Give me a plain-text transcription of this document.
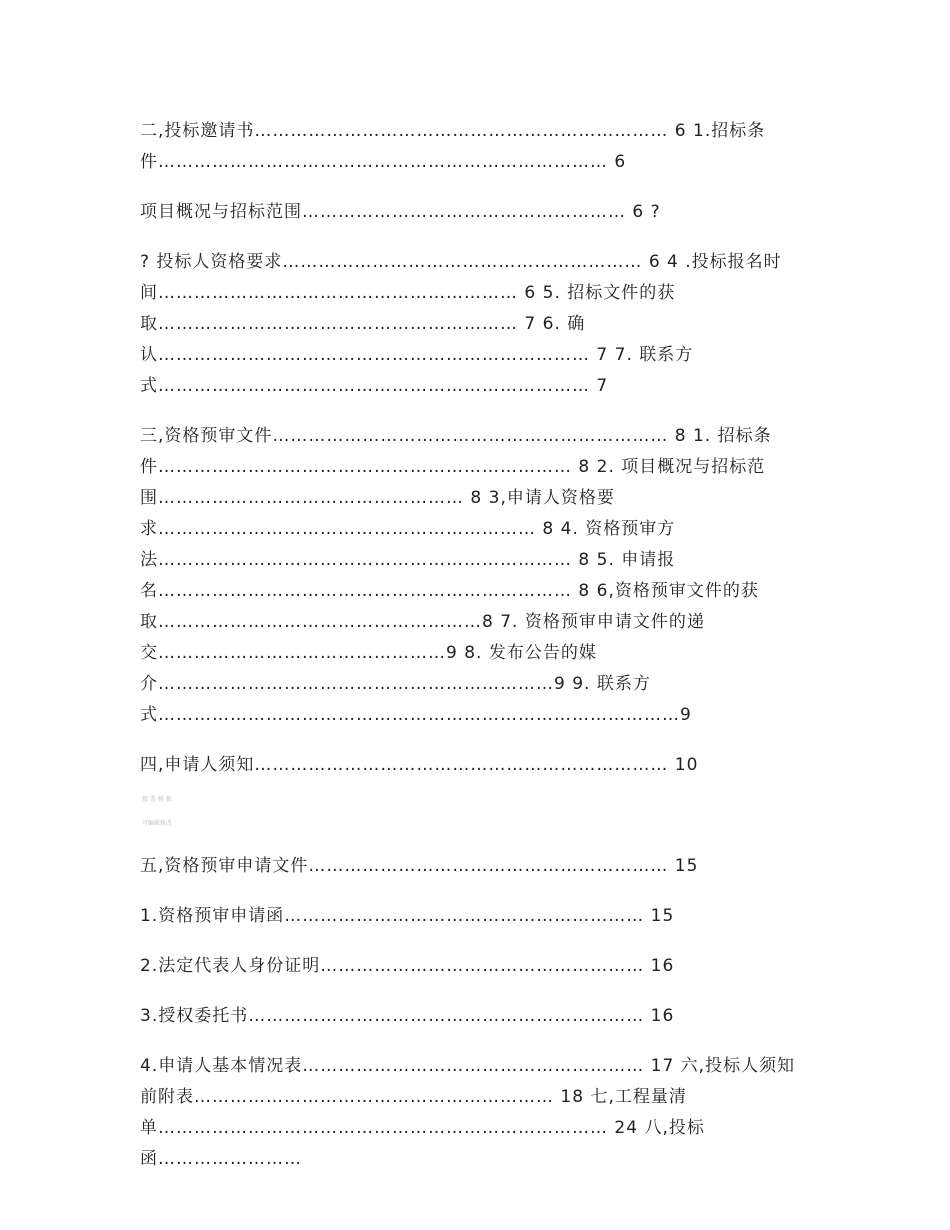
二,投标邀请书…………………………………………………………… 6 1.招标条件………………………………………………………………… 6

项目概况与招标范围……………………………………………… 6 ?

? 投标人资格要求…………………………………………………… 6 4 .投标报名时间…………………………………………………… 6 5. 招标文件的获取…………………………………………………… 7 6. 确认……………………………………………………………… 7 7. 联系方式……………………………………………………………… 7

三,资格预审文件………………………………………………………… 8 1. 招标条件…………………………………………………………… 8 2. 项目概况与招标范围…………………………………………… 8 3,申请人资格要求……………………………………………………… 8 4. 资格预审方法…………………………………………………………… 8 5. 申请报名…………………………………………………………… 8 6,资格预审文件的获取………………………………………………8 7. 资格预审申请文件的递交…………………………………………9 8. 发布公告的媒介…………………………………………………………9 9. 联系方式……………………………………………………………………………9

四,申请人须知…………………………………………………………… 10

精 选 模 板
可编辑修改

五,资格预审申请文件…………………………………………………… 15

1.资格预审申请函…………………………………………………… 15

2.法定代表人身份证明……………………………………………… 16

3.授权委托书………………………………………………………… 16

4.申请人基本情况表………………………………………………… 17 六,投标人须知前附表…………………………………………………… 18 七,工程量清单………………………………………………………………… 24 八,投标函……………………
